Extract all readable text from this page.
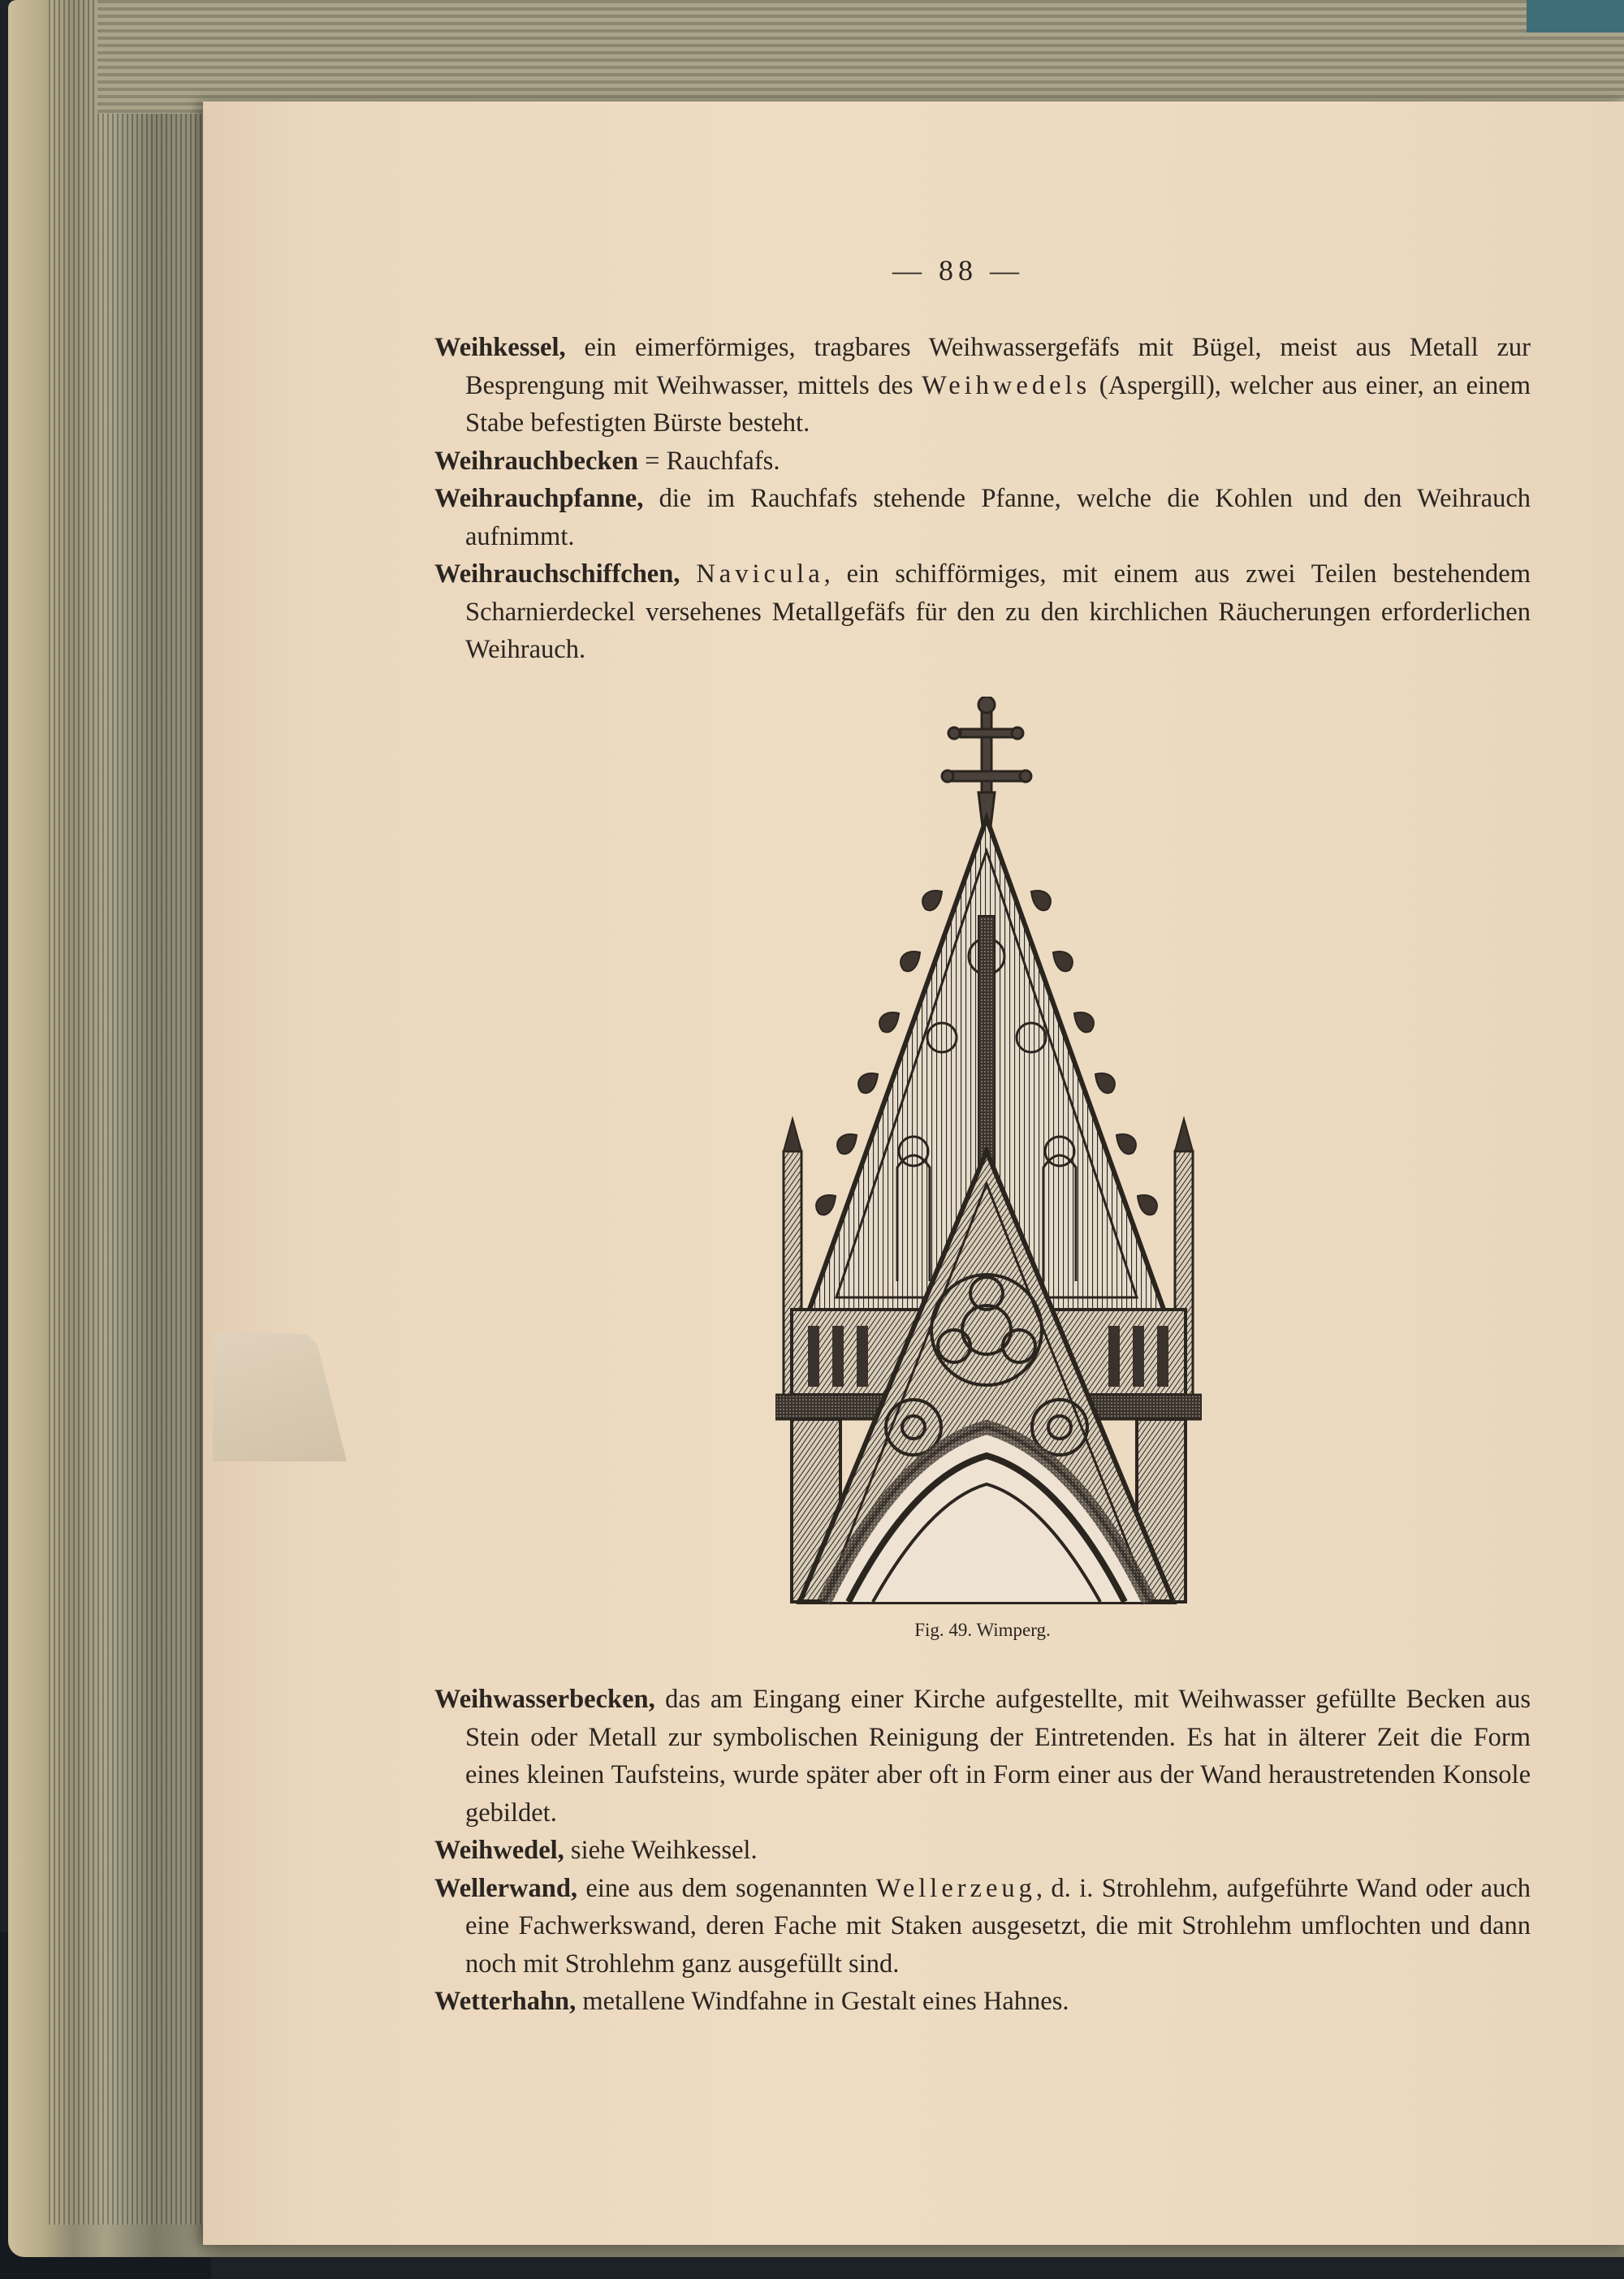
— 88 —

Weihkessel, ein eimerförmiges, tragbares Weihwassergefäfs mit Bügel, meist aus Metall zur Besprengung mit Weihwasser, mittels des Weihwedels (Aspergill), welcher aus einer, an einem Stabe befestigten Bürste besteht.

Weihrauchbecken = Rauchfafs.

Weihrauchpfanne, die im Rauchfafs stehende Pfanne, welche die Kohlen und den Weihrauch aufnimmt.

Weihrauchschiffchen, Navicula, ein schifförmiges, mit einem aus zwei Teilen bestehendem Scharnierdeckel versehenes Metallgefäfs für den zu den kirchlichen Räucherungen erforderlichen Weihrauch.

Fig. 49. Wimperg.

Weihwasserbecken, das am Eingang einer Kirche aufgestellte, mit Weihwasser gefüllte Becken aus Stein oder Metall zur symbolischen Reinigung der Eintretenden. Es hat in älterer Zeit die Form eines kleinen Taufsteins, wurde später aber oft in Form einer aus der Wand heraustretenden Konsole gebildet.

Weihwedel, siehe Weihkessel.

Wellerwand, eine aus dem sogenannten Wellerzeug, d. i. Strohlehm, aufgeführte Wand oder auch eine Fachwerkswand, deren Fache mit Staken ausgesetzt, die mit Strohlehm umflochten und dann noch mit Strohlehm ganz ausgefüllt sind.

Wetterhahn, metallene Windfahne in Gestalt eines Hahnes.
